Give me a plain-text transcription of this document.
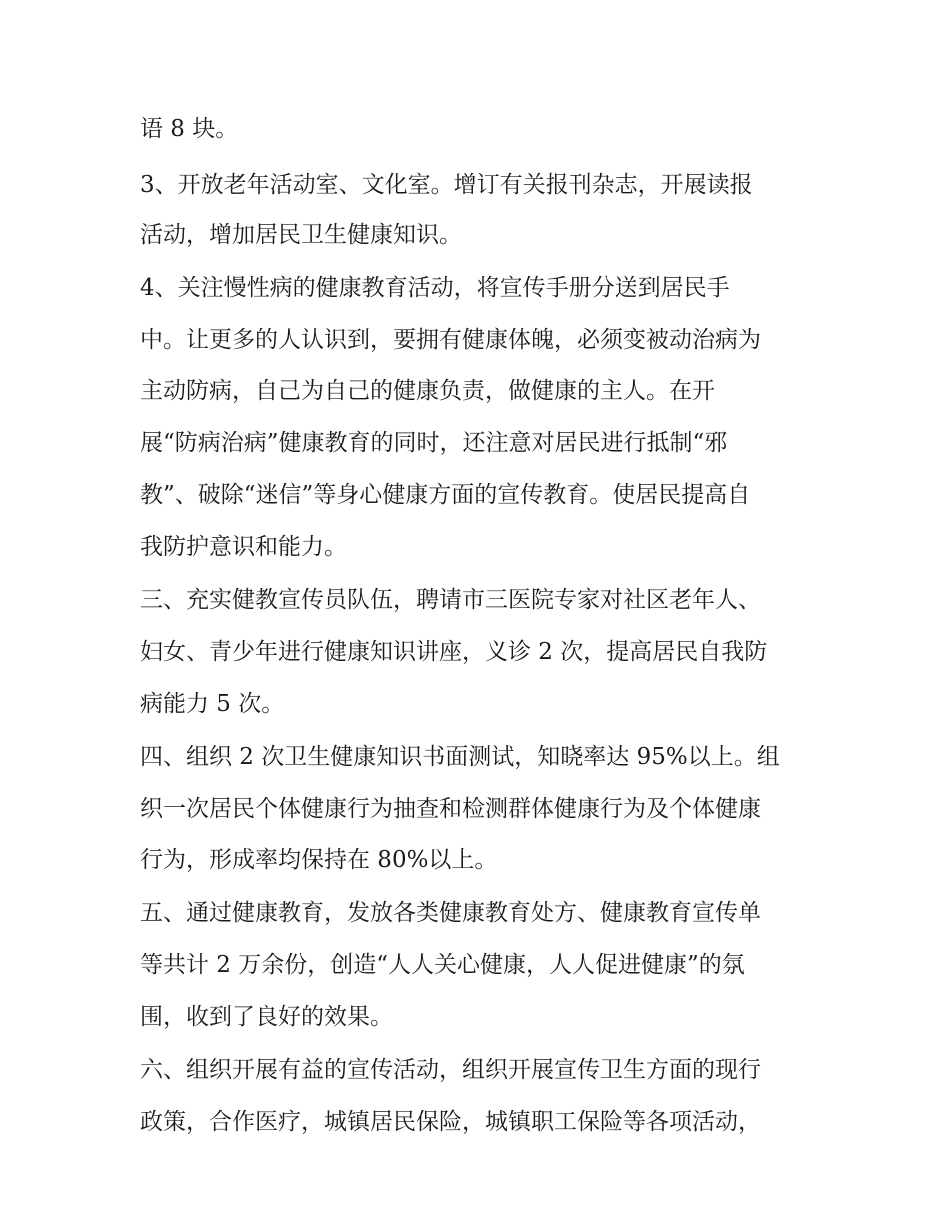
语 8 块。
3、开放老年活动室、文化室。增订有关报刊杂志，开展读报
活动，增加居民卫生健康知识。
4、关注慢性病的健康教育活动，将宣传手册分送到居民手
中。让更多的人认识到，要拥有健康体魄，必须变被动治病为
主动防病，自己为自己的健康负责，做健康的主人。在开
展“防病治病”健康教育的同时，还注意对居民进行抵制“邪
教”、破除“迷信”等身心健康方面的宣传教育。使居民提高自
我防护意识和能力。
三、充实健教宣传员队伍，聘请市三医院专家对社区老年人、
妇女、青少年进行健康知识讲座，义诊 2 次，提高居民自我防
病能力 5 次。
四、组织 2 次卫生健康知识书面测试，知晓率达 95%以上。组
织一次居民个体健康行为抽查和检测群体健康行为及个体健康
行为，形成率均保持在 80%以上。
五、通过健康教育，发放各类健康教育处方、健康教育宣传单
等共计 2 万余份，创造“人人关心健康，人人促进健康”的氛
围，收到了良好的效果。
六、组织开展有益的宣传活动，组织开展宣传卫生方面的现行
政策，合作医疗，城镇居民保险，城镇职工保险等各项活动，
